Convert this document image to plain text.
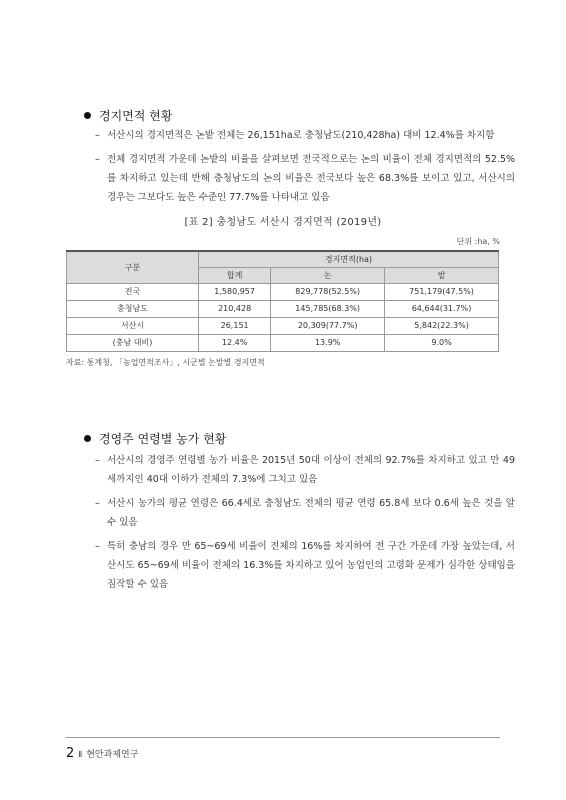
경지면적 현황
– 서산시의 경지면적은 논밭 전체는 26,151ha로 충청남도(210,428ha) 대비 12.4%를 차지함
– 전체 경지면적 가운데 논밭의 비율을 살펴보면 전국적으로는 논의 비율이 전체 경지면적의 52.5%를 차지하고 있는데 반해 충청남도의 논의 비율은 전국보다 높은 68.3%를 보이고 있고, 서산시의 경우는 그보다도 높은 수준인 77.7%를 나타내고 있음
[표 2] 충청남도 서산시 경지면적 (2019년)
단위 :ha, %
구분	경지면적(ha)		
	합계	논	밭
전국	1,580,957	829,778(52.5%)	751,179(47.5%)
충청남도	210,428	145,785(68.3%)	64,644(31.7%)
서산시	26,151	20,309(77.7%)	5,842(22.3%)
(충남 대비)	12.4%	13.9%	9.0%
자료: 통계청, 「농업면적조사」, 시군별 논밭별 경지면적
경영주 연령별 농가 현황
– 서산시의 경영주 연령별 농가 비율은 2015년 50대 이상이 전체의 92.7%를 차지하고 있고 만 49세까지인 40대 이하가 전체의 7.3%에 그치고 있음
– 서산시 농가의 평균 연령은 66.4세로 충청남도 전체의 평균 연령 65.8세 보다 0.6세 높은 것을 알 수 있음
– 특히 충남의 경우 만 65~69세 비율이 전체의 16%를 차지하여 전 구간 가운데 가장 높았는데, 서산시도 65~69세 비율이 전체의 16.3%를 차지하고 있어 농업인의 고령화 문제가 심각한 상태임을 짐작할 수 있음
2 Ⅱ 현안과제연구
